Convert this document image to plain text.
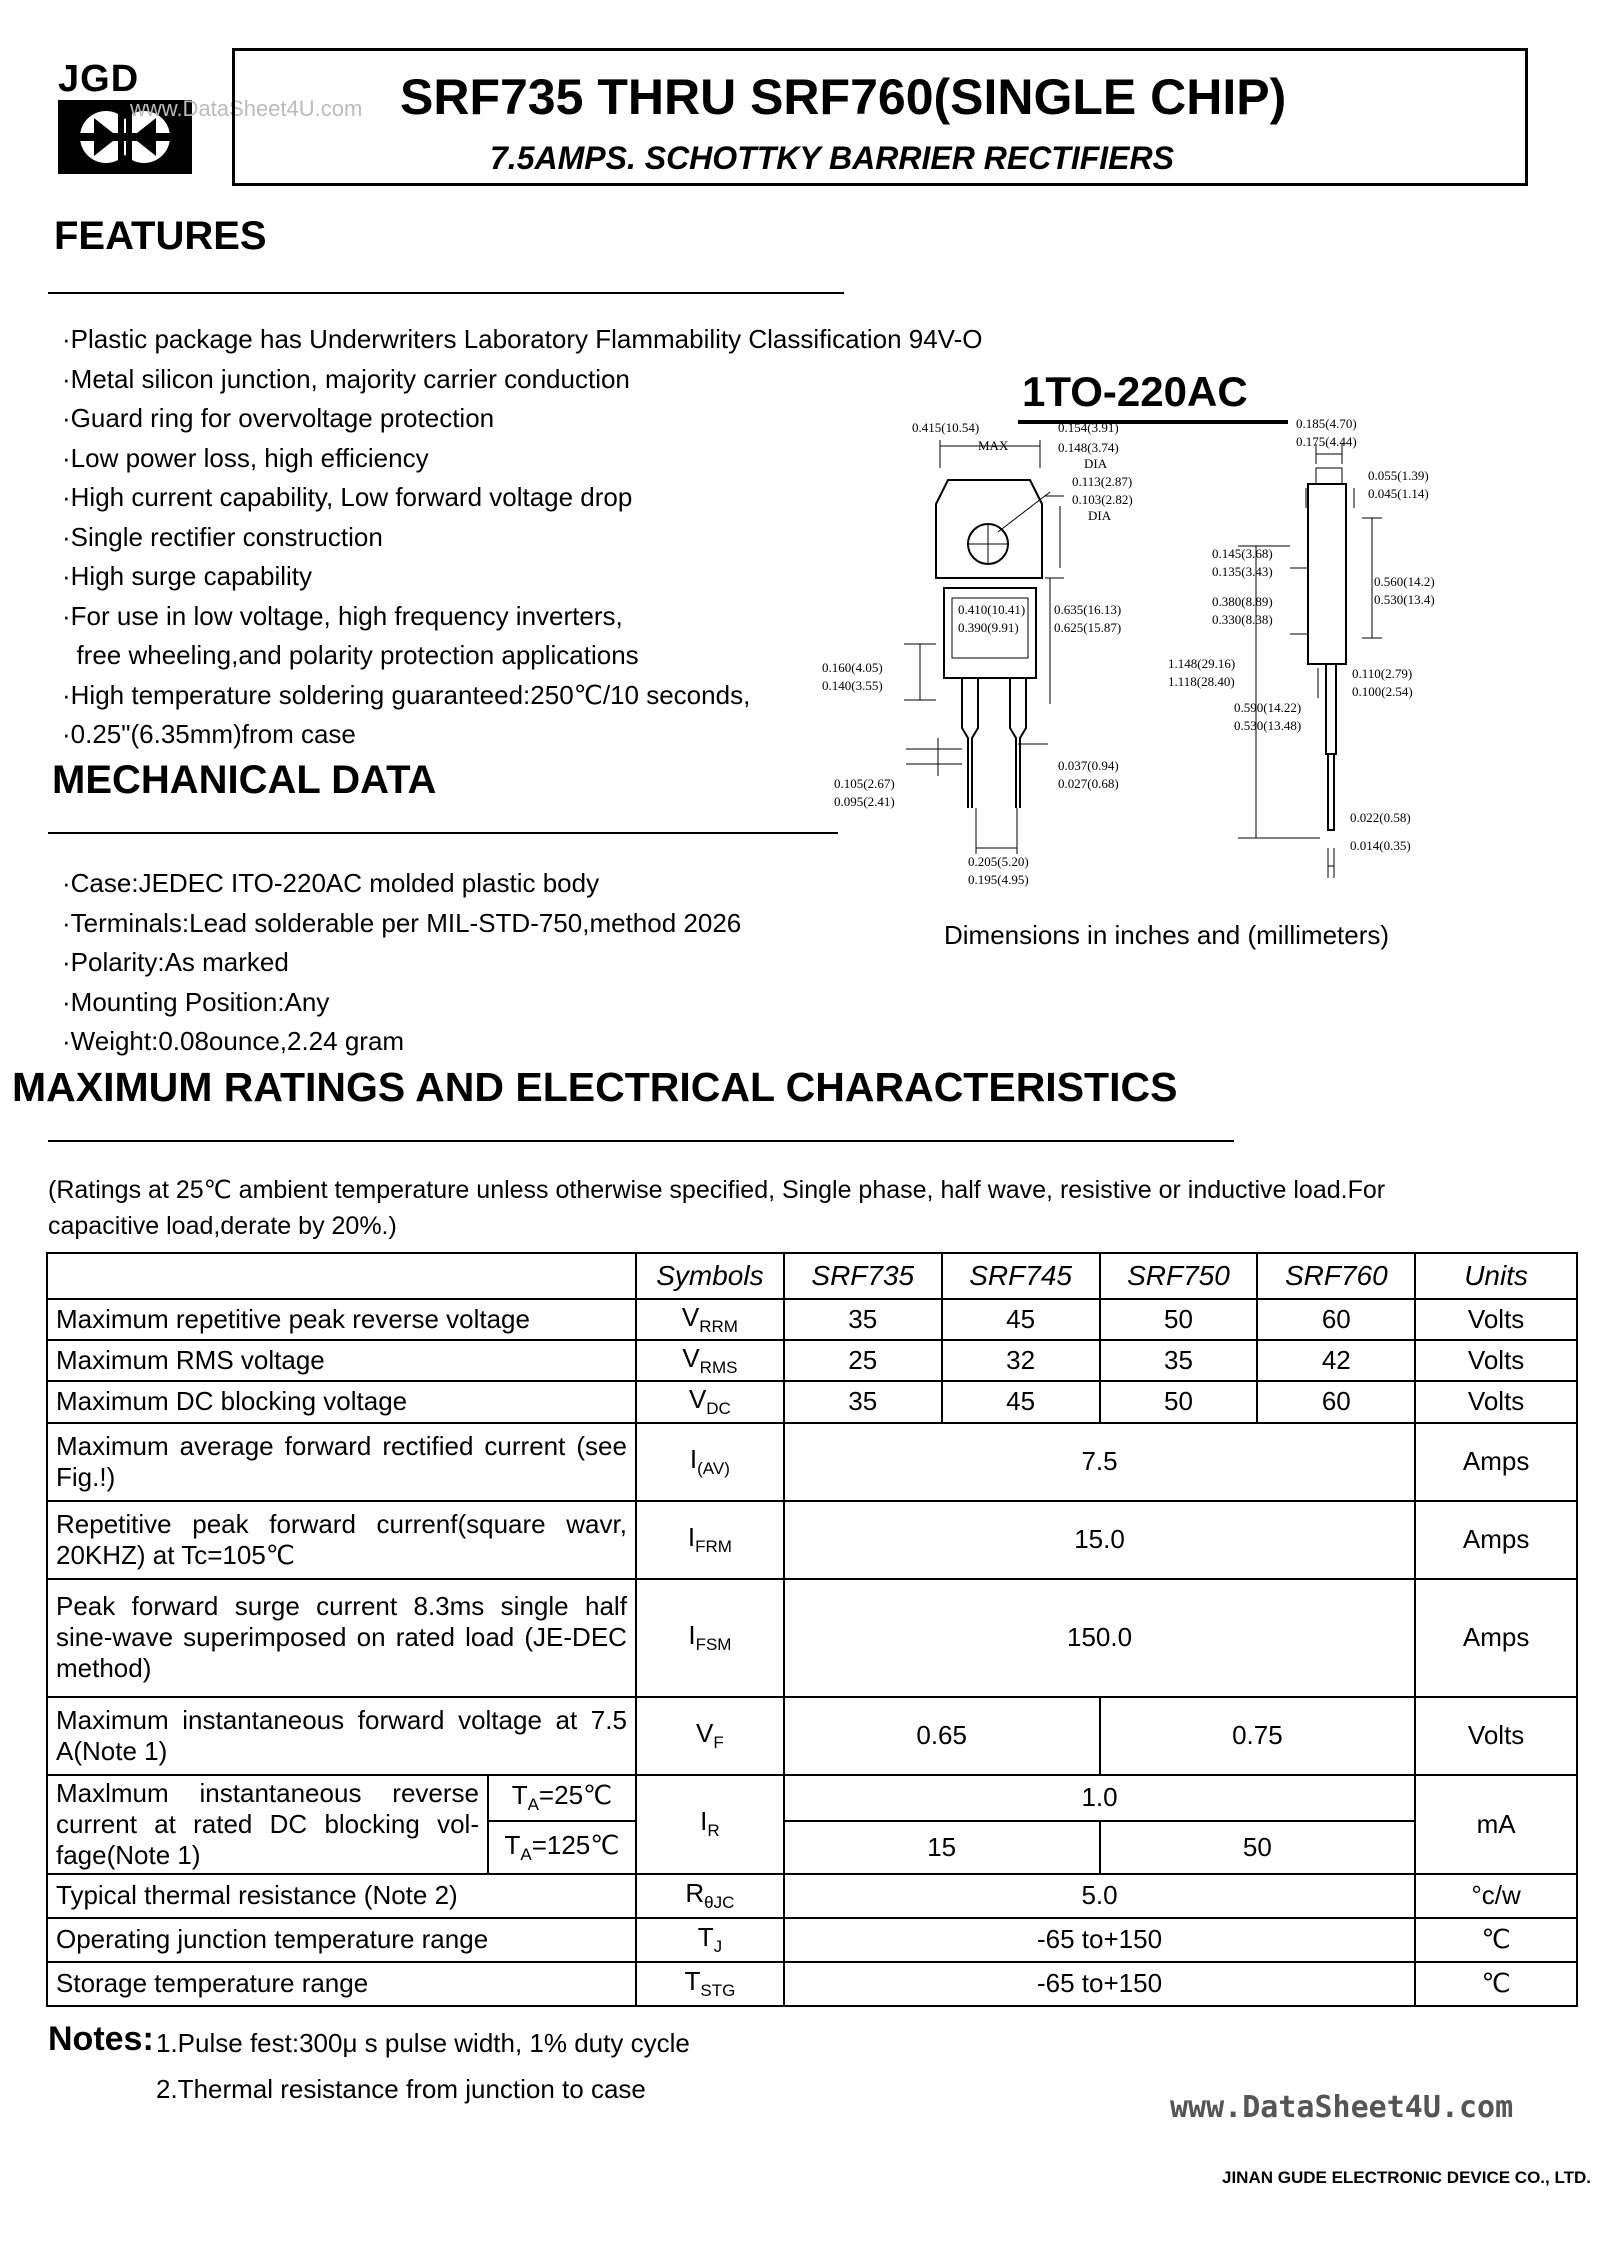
JGD
www.DataSheet4U.com SRF735 THRU SRF760(SINGLE CHIP)
7.5AMPS. SCHOTTKY BARRIER RECTIFIERS
FEATURES
·Plastic package has Underwriters Laboratory Flammability Classification 94V-O
·Metal silicon junction, majority carrier conduction
·Guard ring for overvoltage protection
·Low power loss, high efficiency
·High current capability, Low forward voltage drop
·Single rectifier construction
·High surge capability
·For use in low voltage, high frequency inverters,
free wheeling,and polarity protection applications
·High temperature soldering guaranteed:250℃/10 seconds,
·0.25"(6.35mm)from case
MECHANICAL DATA
·Case:JEDEC ITO-220AC molded plastic body
·Terminals:Lead solderable per MIL-STD-750,method 2026
·Polarity:As marked
·Mounting Position:Any
·Weight:0.08ounce,2.24 gram
1TO-220AC
0.415(10.54)
MAX
0.154(3.91)
0.148(3.74)
DIA
0.113(2.87)
0.103(2.82)
DIA
0.410(10.41)
0.390(9.91)
0.635(16.13)
0.625(15.87)
0.160(4.05)
0.140(3.55)
0.037(0.94)
0.027(0.68)
0.105(2.67)
0.095(2.41)
0.205(5.20)
0.195(4.95)
0.185(4.70)
0.175(4.44)
0.055(1.39)
0.045(1.14)
0.145(3.68)
0.135(3.43)
0.380(8.89)
0.330(8.38)
1.148(29.16)
1.118(28.40)
0.560(14.2)
0.530(13.4)
0.110(2.79)
0.100(2.54)
0.590(14.22)
0.530(13.48)
0.022(0.58)
0.014(0.35)
Dimensions in inches and (millimeters)
MAXIMUM RATINGS AND ELECTRICAL CHARACTERISTICS
(Ratings at 25℃ ambient temperature unless otherwise specified, Single phase, half wave, resistive or inductive load.For capacitive load,derate by 20%.)
		Symbols	SRF735	SRF745	SRF750	SRF760	Units
Maximum repetitive peak reverse voltage		$V_{RRM}$	35	45	50	60	Volts
Maximum RMS voltage		$V_{RMS}$	25	32	35	42	Volts
Maximum DC blocking voltage		$V_{DC}$	35	45	50	60	Volts
Maximum average forward rectified current (see Fig.!)		$I_{(AV)}$	7.5				Amps
Repetitive peak forward currenf(square wavr, 20KHZ) at Tc=105℃		$I_{FRM}$	15.0				Amps
Peak forward surge current 8.3ms single half sine-wave superimposed on rated load (JE-DEC method)		$I_{FSM}$	150.0				Amps
Maximum instantaneous forward voltage at 7.5 A(Note 1)		$V_F$	0.65		0.75		Volts
Maxlmum instantaneous reverse current at rated DC blocking vol-fage(Note 1)	$T_A=25℃$	$I_R$	1.0				mA
	$T_A=125℃$		15		50		
Typical thermal resistance (Note 2)		$R_{\theta JC}$	5.0				°c/w
Operating junction temperature range		$T_J$	-65 to+150				℃
Storage temperature range		$T_{STG}$	-65 to+150				℃
Notes: 1.Pulse fest:300μ s pulse width, 1% duty cycle
2.Thermal resistance from junction to case
www.DataSheet4U.com
JINAN GUDE ELECTRONIC DEVICE CO., LTD.
